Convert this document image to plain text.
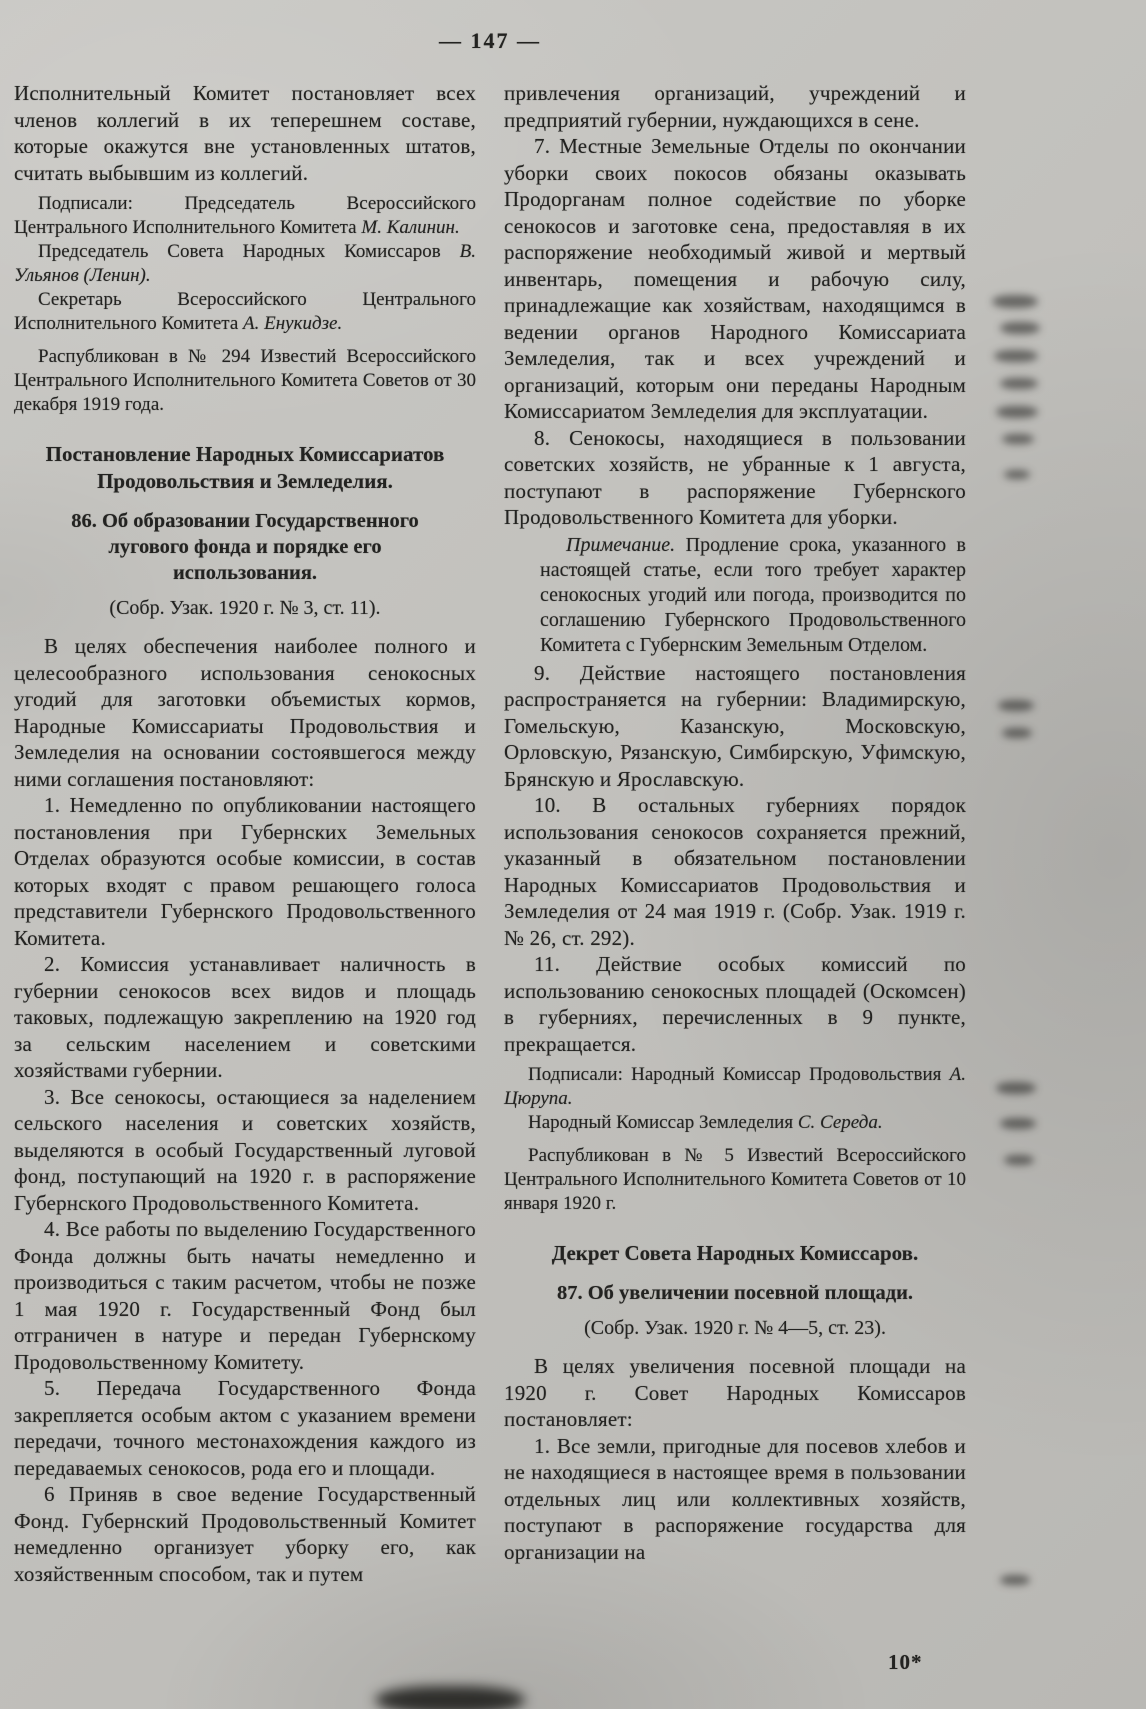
— 147 —

Исполнительный Комитет постановляет всех членов коллегий в их теперешнем составе, которые окажутся вне установленных штатов, считать выбывшим из коллегий.

Подписали: Председатель Всероссийского Центрального Исполнительного Комитета М. Калинин.

Председатель Совета Народных Комиссаров В. Ульянов (Ленин).

Секретарь Всероссийского Центрального Исполнительного Комитета А. Енукидзе.

Распубликован в № 294 Известий Всероссийского Центрального Исполнительного Комитета Советов от 30 декабря 1919 года.

Постановление Народных Комиссариатов Продовольствия и Земледелия.
86. Об образовании Государственного лугового фонда и порядке его использования.

(Собр. Узак. 1920 г. № 3, ст. 11).

В целях обеспечения наиболее полного и целесообразного использования сенокосных угодий для заготовки объемистых кормов, Народные Комиссариаты Продовольствия и Земледелия на основании состоявшегося между ними соглашения постановляют:

1. Немедленно по опубликовании настоящего постановления при Губернских Земельных Отделах образуются особые комиссии, в состав которых входят с правом решающего голоса представители Губернского Продовольственного Комитета.

2. Комиссия устанавливает наличность в губернии сенокосов всех видов и площадь таковых, подлежащую закреплению на 1920 год за сельским населением и советскими хозяйствами губернии.

3. Все сенокосы, остающиеся за наделением сельского населения и советских хозяйств, выделяются в особый Государственный луговой фонд, поступающий на 1920 г. в распоряжение Губернского Продовольственного Комитета.

4. Все работы по выделению Государственного Фонда должны быть начаты немедленно и производиться с таким расчетом, чтобы не позже 1 мая 1920 г. Государственный Фонд был отграничен в натуре и передан Губернскому Продовольственному Комитету.

5. Передача Государственного Фонда закрепляется особым актом с указанием времени передачи, точного местонахождения каждого из передаваемых сенокосов, рода его и площади.

6 Приняв в свое ведение Государственный Фонд. Губернский Продовольственный Комитет немедленно организует уборку его, как хозяйственным способом, так и путем

привлечения организаций, учреждений и предприятий губернии, нуждающихся в сене.

7. Местные Земельные Отделы по окончании уборки своих покосов обязаны оказывать Продорганам полное содействие по уборке сенокосов и заготовке сена, предоставляя в их распоряжение необходимый живой и мертвый инвентарь, помещения и рабочую силу, принадлежащие как хозяйствам, находящимся в ведении органов Народного Комиссариата Земледелия, так и всех учреждений и организаций, которым они переданы Народным Комиссариатом Земледелия для эксплуатации.

8. Сенокосы, находящиеся в пользовании советских хозяйств, не убранные к 1 августа, поступают в распоряжение Губернского Продовольственного Комитета для уборки.

Примечание. Продление срока, указанного в настоящей статье, если того требует характер сенокосных угодий или погода, производится по соглашению Губернского Продовольственного Комитета с Губернским Земельным Отделом.

9. Действие настоящего постановления распространяется на губернии: Владимирскую, Гомельскую, Казанскую, Московскую, Орловскую, Рязанскую, Симбирскую, Уфимскую, Брянскую и Ярославскую.

10. В остальных губерниях порядок использования сенокосов сохраняется прежний, указанный в обязательном постановлении Народных Комиссариатов Продовольствия и Земледелия от 24 мая 1919 г. (Собр. Узак. 1919 г. № 26, ст. 292).

11. Действие особых комиссий по использованию сенокосных площадей (Оскомсен) в губерниях, перечисленных в 9 пункте, прекращается.

Подписали: Народный Комиссар Продовольствия А. Цюрупа.

Народный Комиссар Земледелия С. Середа.

Распубликован в № 5 Известий Всероссийского Центрального Исполнительного Комитета Советов от 10 января 1920 г.

Декрет Совета Народных Комиссаров.
87. Об увеличении посевной площади.

(Собр. Узак. 1920 г. № 4—5, ст. 23).

В целях увеличения посевной площади на 1920 г. Совет Народных Комиссаров постановляет:

1. Все земли, пригодные для посевов хлебов и не находящиеся в настоящее время в пользовании отдельных лиц или коллективных хозяйств, поступают в распоряжение государства для организации на

10*
